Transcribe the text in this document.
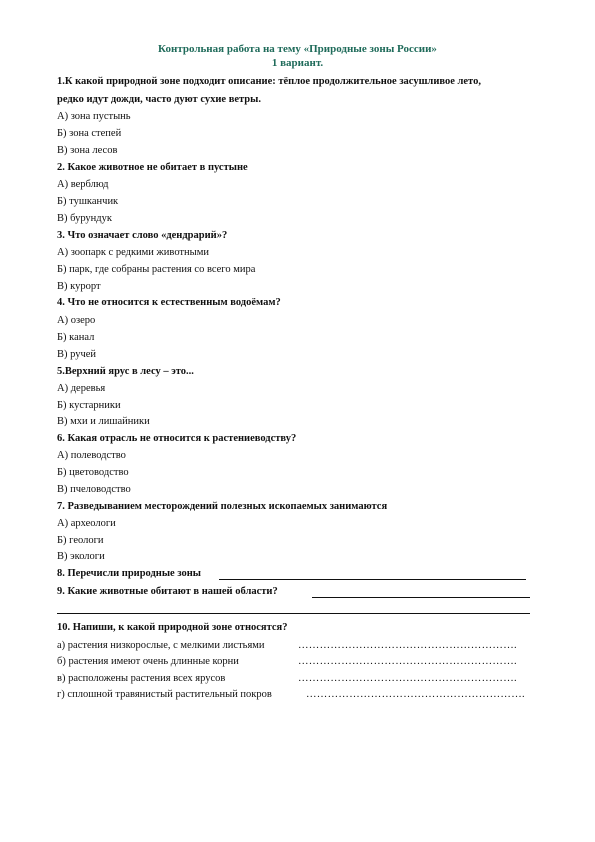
Контрольная работа на тему «Природные зоны России»
1 вариант.
1.К какой природной зоне подходит описание: тёплое продолжительное засушливое лето,
редко идут дожди, часто дуют сухие ветры.
А) зона пустынь
Б) зона степей
В) зона лесов
2. Какое животное не обитает в пустыне
А) верблюд
Б) тушканчик
В) бурундук
3. Что означает слово «дендрарий»?
А) зоопарк с редкими животными
Б) парк, где собраны растения со всего мира
В) курорт
4. Что не относится к естественным водоёмам?
А) озеро
Б) канал
В) ручей
5.Верхний ярус в лесу – это...
А) деревья
Б) кустарники
В) мхи и лишайники
6. Какая отрасль не относится к растениеводству?
А) полеводство
Б) цветоводство
В) пчеловодство
7. Разведыванием месторождений полезных ископаемых занимаются
А) археологи
Б) геологи
В) экологи
8. Перечисли природные зоны
9. Какие животные обитают в нашей области?
10. Напиши, к какой природной зоне относятся?
а) растения низкорослые, с мелкими листьями	…………………………………………………….
б) растения имеют очень длинные корни	…………………………………………………….
в) расположены растения всех ярусов	…………………………………………………….
г) сплошной травянистый растительный покров	…………………………………………………….
